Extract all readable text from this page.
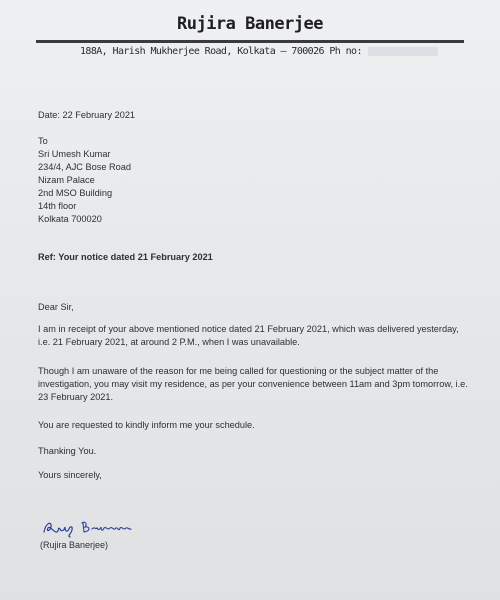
Rujira Banerjee
188A, Harish Mukherjee Road, Kolkata – 700026 Ph no:
Date: 22 February 2021
To
Sri Umesh Kumar
234/4, AJC Bose Road
Nizam Palace
2nd MSO Building
14th floor
Kolkata 700020
Ref: Your notice dated 21 February 2021
Dear Sir,
I am in receipt of your above mentioned notice dated 21 February 2021, which was delivered yesterday, i.e. 21 February 2021, at around 2 P.M., when I was unavailable.
Though I am unaware of the reason for me being called for questioning or the subject matter of the investigation, you may visit my residence, as per your convenience between 11am and 3pm tomorrow, i.e. 23 February 2021.
You are requested to kindly inform me your schedule.
Thanking You.
Yours sincerely,
(Rujira Banerjee)
